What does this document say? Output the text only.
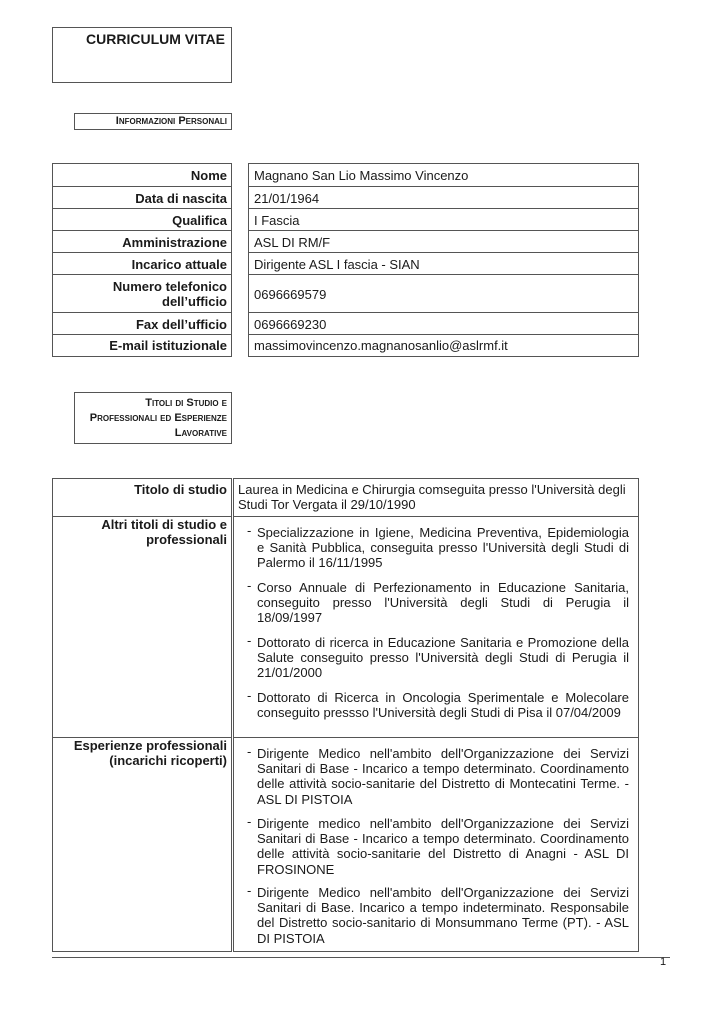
CURRICULUM VITAE
Informazioni Personali
Nome
Data di nascita
Qualifica
Amministrazione
Incarico attuale
Numero telefonico dell’ufficio
Fax dell’ufficio
E-mail istituzionale
Magnano San Lio Massimo Vincenzo
21/01/1964
I Fascia
ASL DI RM/F
Dirigente ASL I fascia - SIAN
0696669579
0696669230
massimovincenzo.magnanosanlio@aslrmf.it
Titoli di Studio e Professionali ed Esperienze Lavorative
Titolo di studio
Altri titoli di studio e professionali
Esperienze professionali (incarichi ricoperti)
Laurea in Medicina e Chirurgia comseguita presso l'Università degli Studi Tor Vergata il 29/10/1990
- Specializzazione in Igiene, Medicina Preventiva, Epidemiologia e Sanità Pubblica, conseguita presso l'Università degli Studi di Palermo il 16/11/1995
- Corso Annuale di Perfezionamento in Educazione Sanitaria, conseguito presso l'Università degli Studi di Perugia il 18/09/1997
- Dottorato di ricerca in Educazione Sanitaria e Promozione della Salute conseguito presso l'Università degli Studi di Perugia il 21/01/2000
- Dottorato di Ricerca in Oncologia Sperimentale e Molecolare conseguito pressso l'Università degli Studi di Pisa il 07/04/2009
- Dirigente Medico nell'ambito dell'Organizzazione dei Servizi Sanitari di Base - Incarico a tempo determinato. Coordinamento delle attività socio-sanitarie del Distretto di Montecatini Terme. - ASL DI PISTOIA
- Dirigente medico nell'ambito dell'Organizzazione dei Servizi Sanitari di Base - Incarico a tempo determinato. Coordinamento delle attività socio-sanitarie del Distretto di Anagni - ASL DI FROSINONE
- Dirigente Medico nell'ambito dell'Organizzazione dei Servizi Sanitari di Base. Incarico a tempo indeterminato. Responsabile del Distretto socio-sanitario di Monsummano Terme (PT). - ASL DI PISTOIA
1
